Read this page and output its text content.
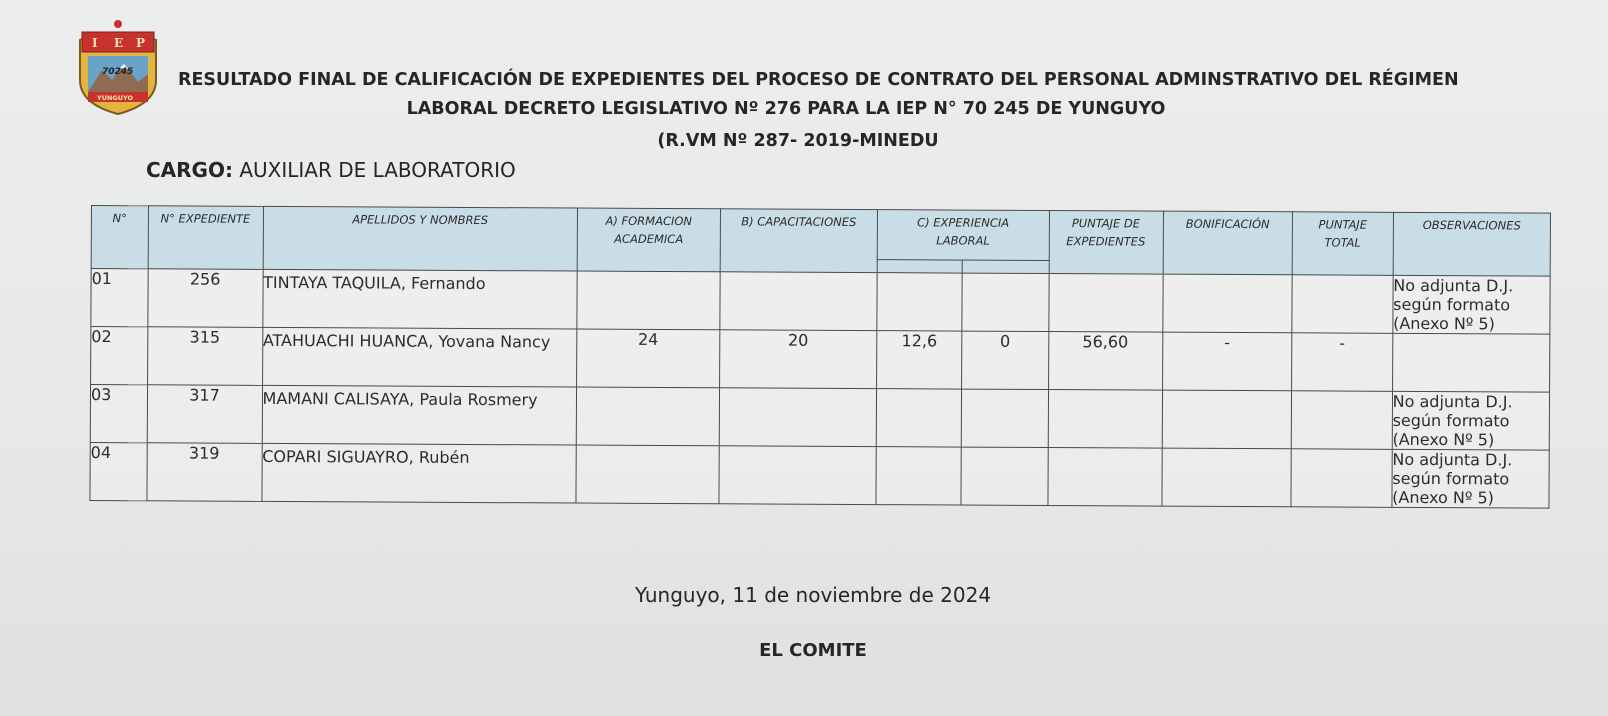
I E P
70245
YUNGUYO
RESULTADO FINAL DE CALIFICACIÓN DE EXPEDIENTES DEL PROCESO DE CONTRATO DEL PERSONAL ADMINSTRATIVO DEL RÉGIMEN
LABORAL DECRETO LEGISLATIVO Nº 276 PARA LA IEP N° 70 245 DE YUNGUYO
(R.VM Nº 287- 2019-MINEDU
CARGO: AUXILIAR DE LABORATORIO
N°	N° EXPEDIENTE	APELLIDOS Y NOMBRES	A) FORMACION ACADEMICA	B) CAPACITACIONES	C) EXPERIENCIA LABORAL		PUNTAJE DE EXPEDIENTES	BONIFICACIÓN	PUNTAJE TOTAL	OBSERVACIONES

01	256	TINTAYA TAQUILA, Fernando								No adjunta D.J. según formato (Anexo Nº 5)
02	315	ATAHUACHI HUANCA, Yovana Nancy	24	20	12,6	0	56,60	-	-	
03	317	MAMANI CALISAYA, Paula Rosmery								No adjunta D.J. según formato (Anexo Nº 5)
04	319	COPARI SIGUAYRO, Rubén								No adjunta D.J. según formato (Anexo Nº 5)
Yunguyo, 11 de noviembre de 2024
EL COMITE
